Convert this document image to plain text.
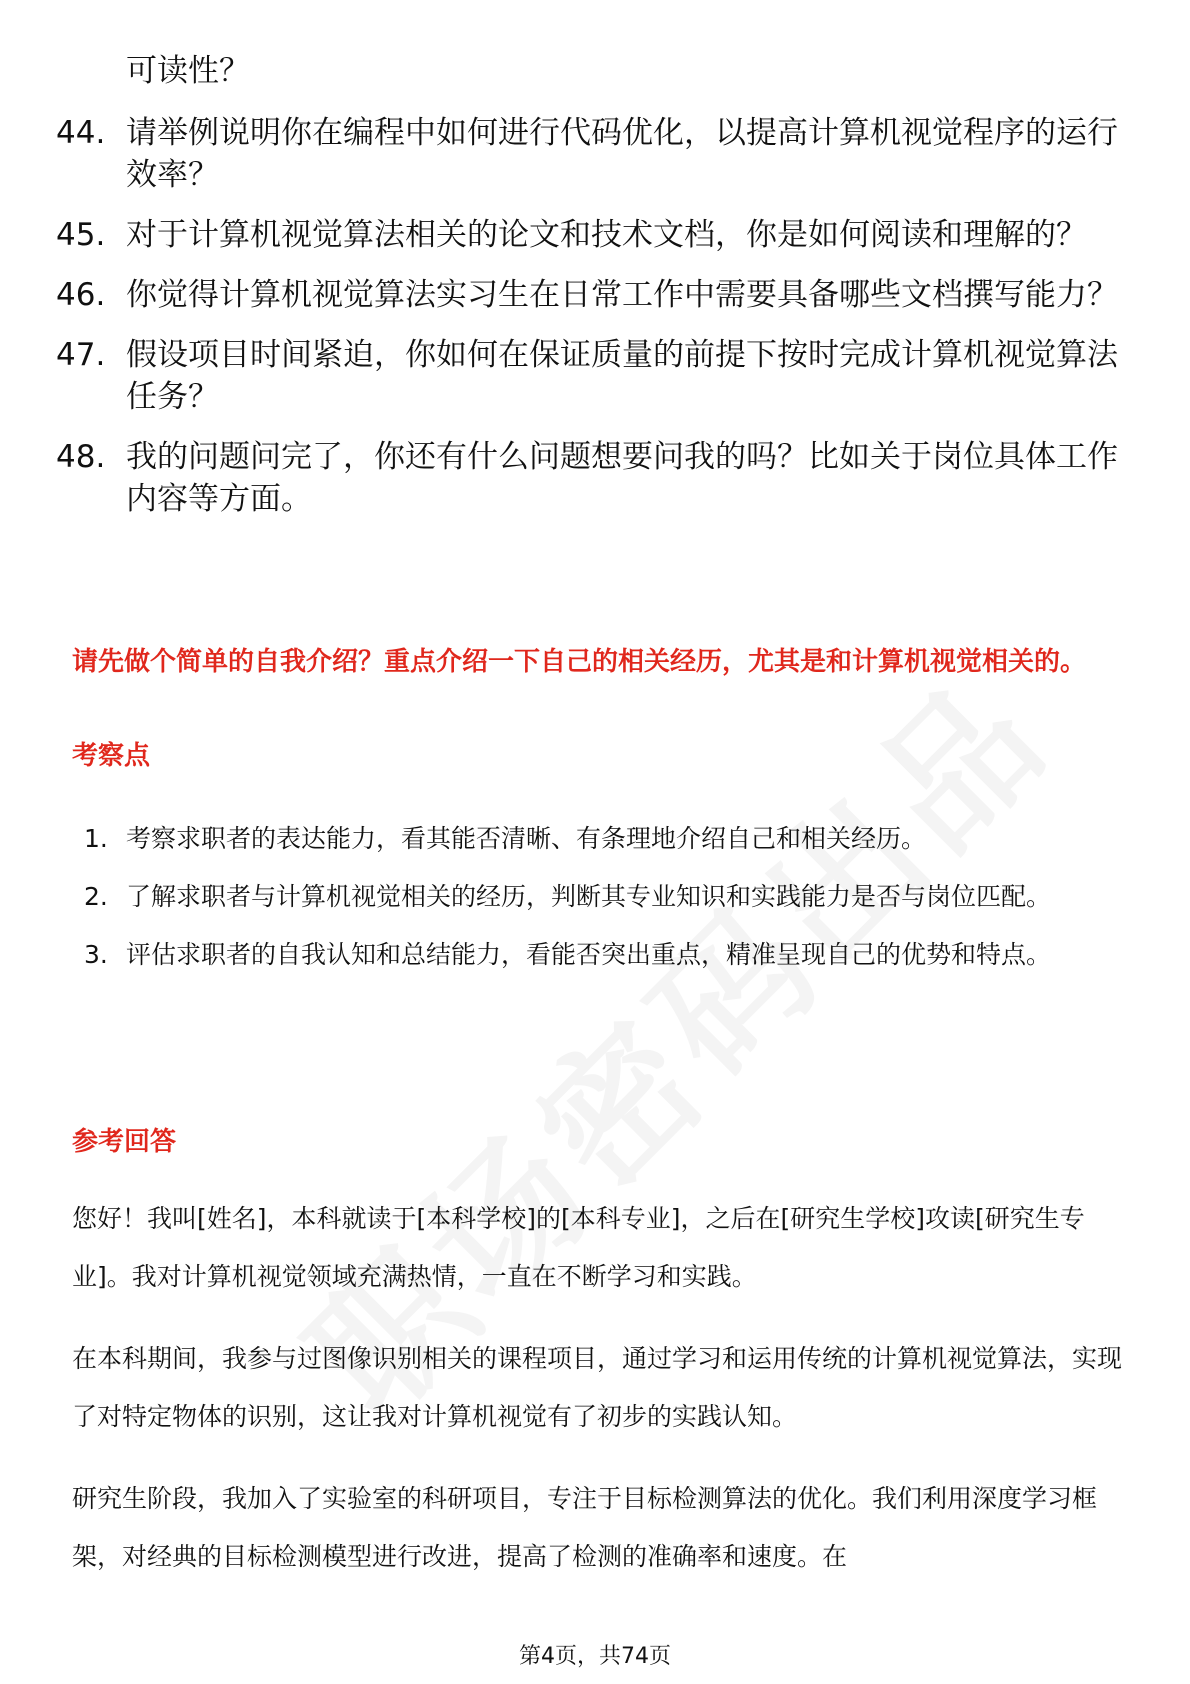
可读性？
44. 请举例说明你在编程中如何进行代码优化，以提高计算机视觉程序的运行效率？
45. 对于计算机视觉算法相关的论文和技术文档，你是如何阅读和理解的？
46. 你觉得计算机视觉算法实习生在日常工作中需要具备哪些文档撰写能力？
47. 假设项目时间紧迫，你如何在保证质量的前提下按时完成计算机视觉算法任务？
48. 我的问题问完了，你还有什么问题想要问我的吗？比如关于岗位具体工作内容等方面。
请先做个简单的自我介绍？重点介绍一下自己的相关经历，尤其是和计算机视觉相关的。
考察点
1. 考察求职者的表达能力，看其能否清晰、有条理地介绍自己和相关经历。
2. 了解求职者与计算机视觉相关的经历，判断其专业知识和实践能力是否与岗位匹配。
3. 评估求职者的自我认知和总结能力，看能否突出重点，精准呈现自己的优势和特点。
参考回答

您好！我叫[姓名]，本科就读于[本科学校]的[本科专业]，之后在[研究生学校]攻读[研究生专业]。我对计算机视觉领域充满热情，一直在不断学习和实践。

在本科期间，我参与过图像识别相关的课程项目，通过学习和运用传统的计算机视觉算法，实现了对特定物体的识别，这让我对计算机视觉有了初步的实践认知。

研究生阶段，我加入了实验室的科研项目，专注于目标检测算法的优化。我们利用深度学习框架，对经典的目标检测模型进行改进，提高了检测的准确率和速度。在

第4页，共74页
